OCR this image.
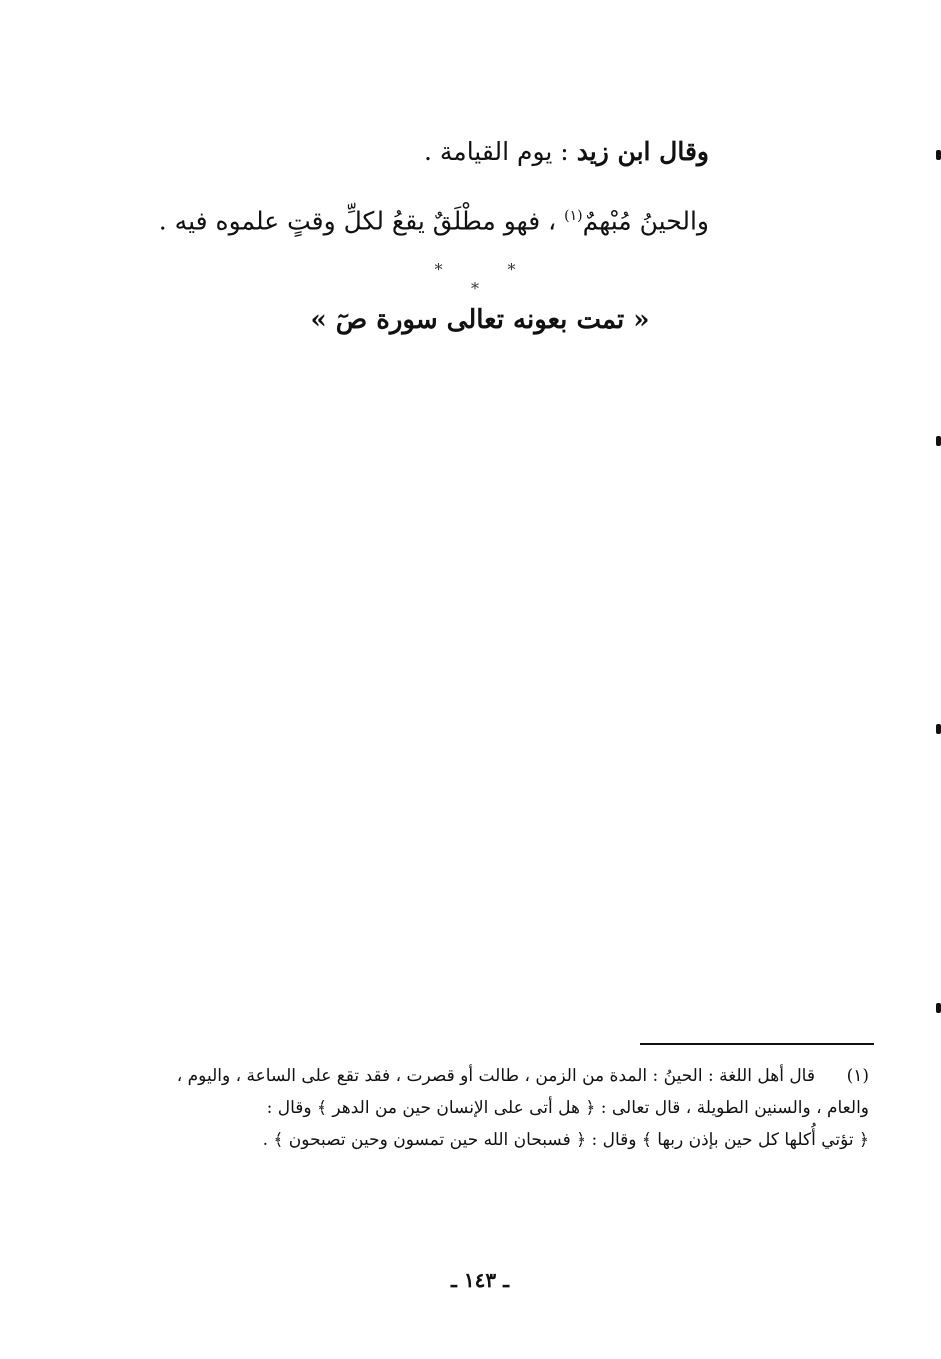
وقال ابن زيد : يوم القيامة .
والحينُ مُبْهمٌ$^{(١)}$ ، فهو مطْلَقٌ يقعُ لكلِّ وقتٍ علموه فيه .
* * *
« تمت بعونه تعالى سورة صٓ »
(١)قال أهل اللغة : الحينُ : المدة من الزمن ، طالت أو قصرت ، فقد تقع على الساعة ، واليوم ،
والعام ، والسنين الطويلة ، قال تعالى : ﴿ هل أتى على الإنسان حين من الدهر ﴾ وقال :
﴿ تؤتي أُكلها كل حين بإذن ربها ﴾ وقال : ﴿ فسبحان الله حين تمسون وحين تصبحون ﴾ .
ـ ١٤٣ ـ
